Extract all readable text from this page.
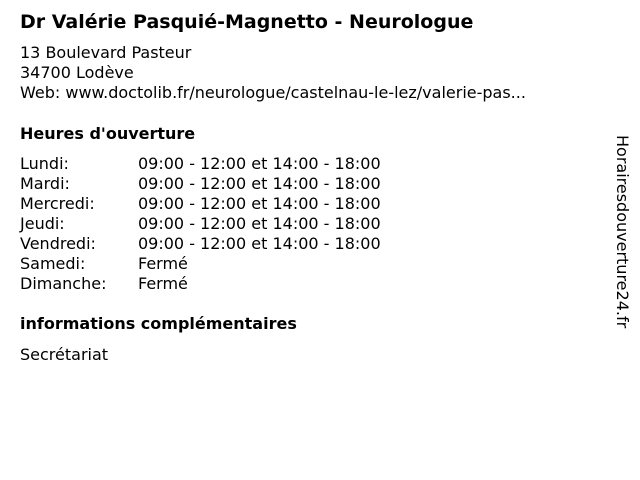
Dr Valérie Pasquié-Magnetto - Neurologue
13 Boulevard Pasteur
34700 Lodève
Web: www.doctolib.fr/neurologue/castelnau-le-lez/valerie-pas...
Heures d'ouverture
Lundi:	09:00 - 12:00 et 14:00 - 18:00
Mardi:	09:00 - 12:00 et 14:00 - 18:00
Mercredi:	09:00 - 12:00 et 14:00 - 18:00
Jeudi:	09:00 - 12:00 et 14:00 - 18:00
Vendredi:	09:00 - 12:00 et 14:00 - 18:00
Samedi:	Fermé
Dimanche: Fermé
informations complémentaires
Secrétariat
Horairesdouverture24.fr
